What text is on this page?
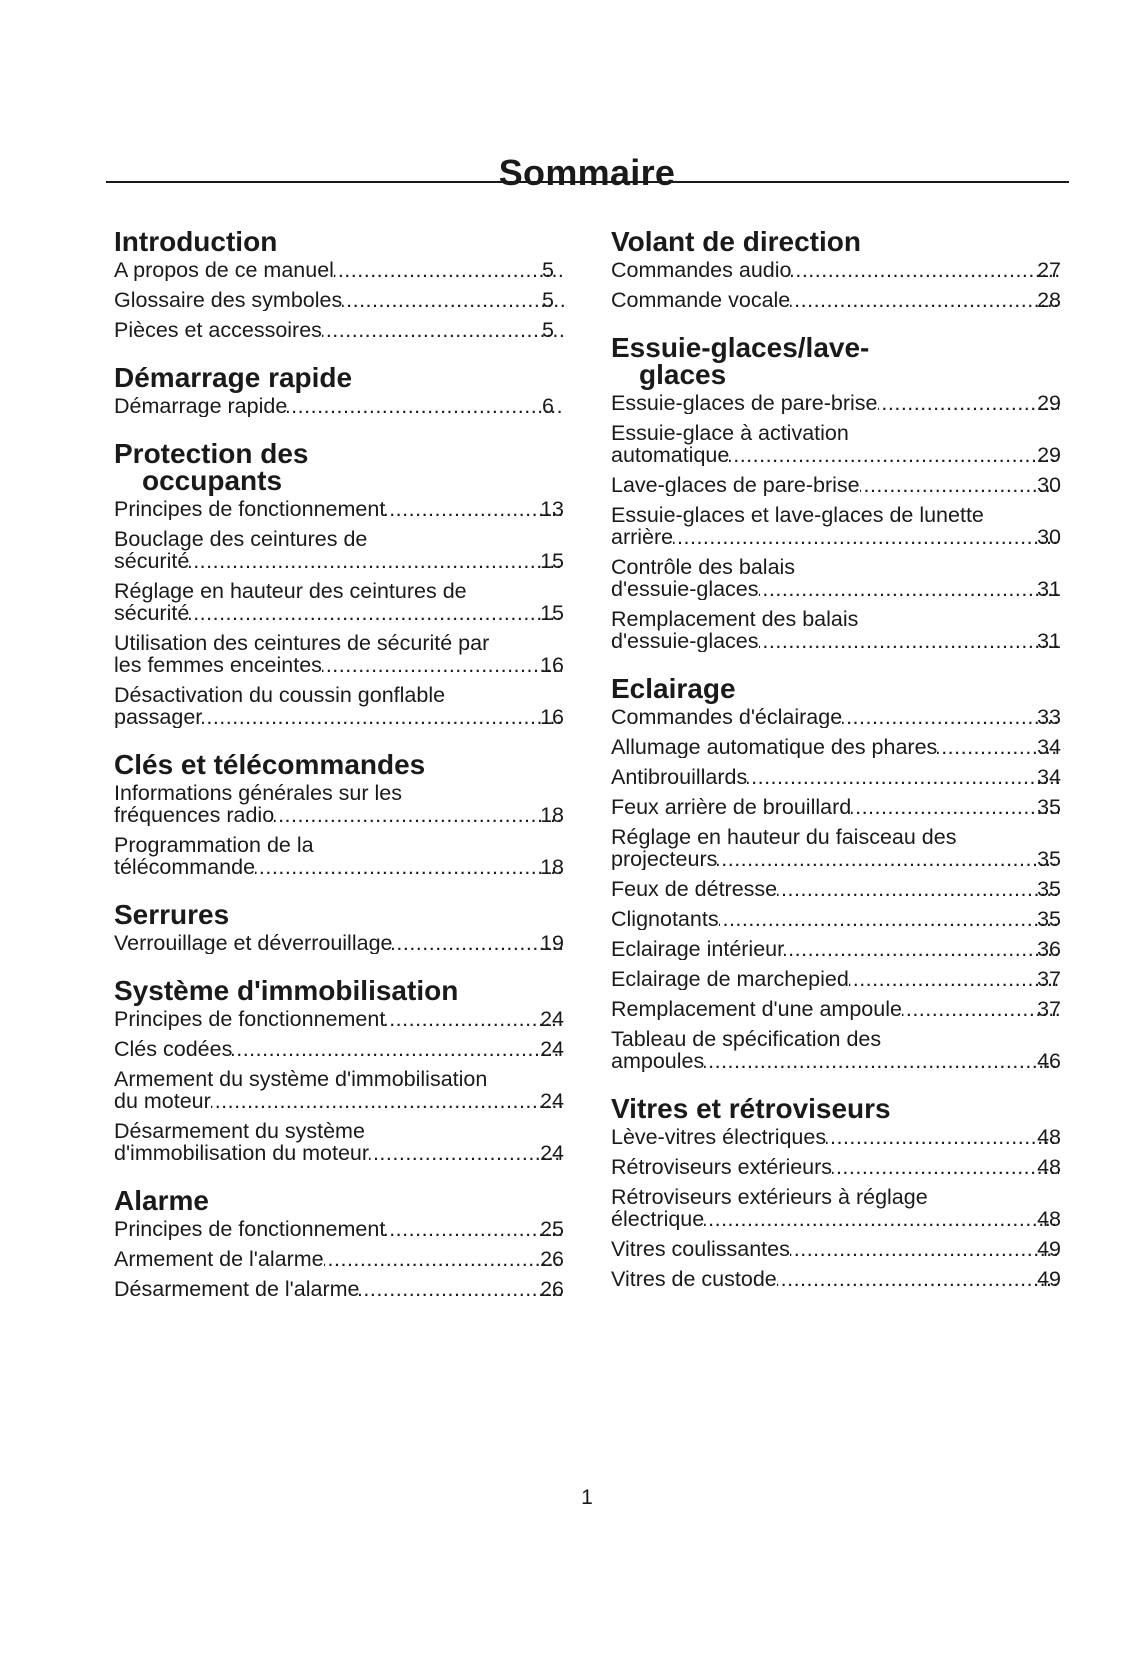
Sommaire
Introduction
A propos de ce manuel .....	5
Glossaire des symboles .....	5
Pièces et accessoires .....	5
Démarrage rapide
Démarrage rapide .....	6
Protection des
occupants
Principes de fonctionnement .....	13
Bouclage des ceintures de
sécurité .....	15
Réglage en hauteur des ceintures de
sécurité .....	15
Utilisation des ceintures de sécurité par
les femmes enceintes .....	16
Désactivation du coussin gonflable
passager .....	16
Clés et télécommandes
Informations générales sur les
fréquences radio .....	18
Programmation de la
télécommande .....	18
Serrures
Verrouillage et déverrouillage .....	19
Système d'immobilisation
Principes de fonctionnement .....	24
Clés codées .....	24
Armement du système d'immobilisation
du moteur .....	24
Désarmement du système
d'immobilisation du moteur .....	24
Alarme
Principes de fonctionnement .....	25
Armement de l'alarme .....	26
Désarmement de l'alarme .....	26
Volant de direction
Commandes audio .....	27
Commande vocale .....	28
Essuie-glaces/lave-
glaces
Essuie-glaces de pare-brise .....	29
Essuie-glace à activation
automatique .....	29
Lave-glaces de pare-brise .....	30
Essuie-glaces et lave-glaces de lunette
arrière .....	30
Contrôle des balais
d'essuie-glaces .....	31
Remplacement des balais
d'essuie-glaces .....	31
Eclairage
Commandes d'éclairage .....	33
Allumage automatique des phares .....	34
Antibrouillards .....	34
Feux arrière de brouillard .....	35
Réglage en hauteur du faisceau des
projecteurs .....	35
Feux de détresse .....	35
Clignotants .....	35
Eclairage intérieur .....	36
Eclairage de marchepied .....	37
Remplacement d'une ampoule .....	37
Tableau de spécification des
ampoules .....	46
Vitres et rétroviseurs
Lève-vitres électriques .....	48
Rétroviseurs extérieurs .....	48
Rétroviseurs extérieurs à réglage
électrique .....	48
Vitres coulissantes .....	49
Vitres de custode .....	49
1
